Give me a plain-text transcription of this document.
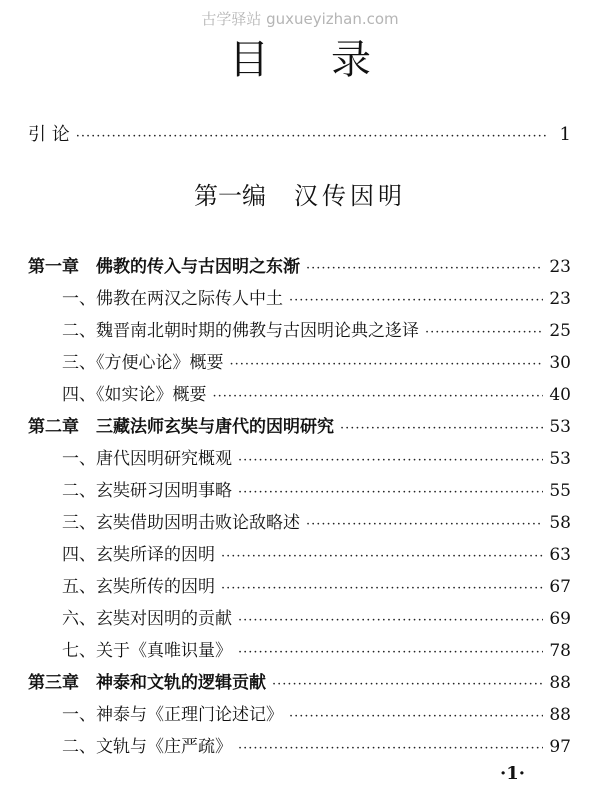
古学驿站 guxueyizhan.com
目录
引 论 ·····	1
第一编 汉传因明
第一章　佛教的传入与古因明之东渐 ·····	23
一、佛教在两汉之际传人中土 ·····	23
二、魏晋南北朝时期的佛教与古因明论典之迻译 ·····	25
三、《方便心论》概要 ·····	30
四、《如实论》概要 ·····	40
第二章　三藏法师玄奘与唐代的因明研究 ·····	53
一、唐代因明研究概观 ·····	53
二、玄奘研习因明事略 ·····	55
三、玄奘借助因明击败论敌略述 ·····	58
四、玄奘所译的因明 ·····	63
五、玄奘所传的因明 ·····	67
六、玄奘对因明的贡献 ·····	69
七、关于《真唯识量》 ·····	78
第三章　神泰和文轨的逻辑贡献 ·····	88
一、神泰与《正理门论述记》 ·····	88
二、文轨与《庄严疏》 ·····	97
·1·
